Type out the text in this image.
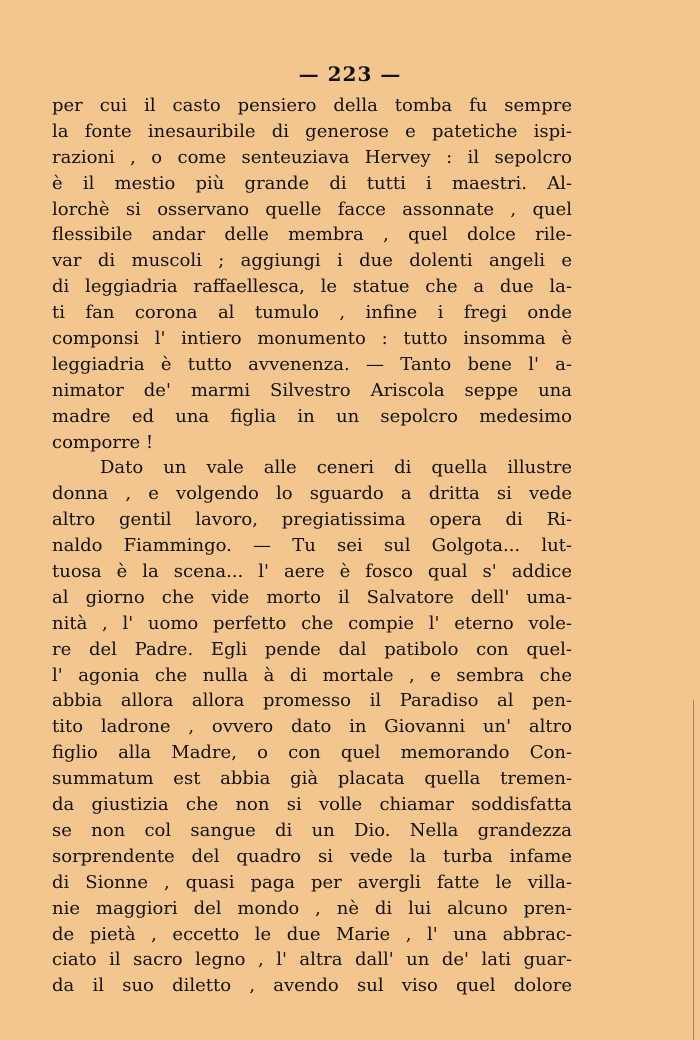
— 223 —
per cui il casto pensiero della tomba fu sempre
la fonte inesauribile di generose e patetiche ispi-
razioni , o come senteuziava Hervey : il sepolcro
è il mestio più grande di tutti i maestri. Al-
lorchè si osservano quelle facce assonnate , quel
flessibile andar delle membra , quel dolce rile-
var di muscoli ; aggiungi i due dolenti angeli e
di leggiadria raffaellesca, le statue che a due la-
ti fan corona al tumulo , infine i fregi onde
componsi l' intiero monumento : tutto insomma è
leggiadria è tutto avvenenza. — Tanto bene l' a-
nimator de' marmi Silvestro Ariscola seppe una
madre ed una figlia in un sepolcro medesimo
comporre !
Dato un vale alle ceneri di quella illustre
donna , e volgendo lo sguardo a dritta si vede
altro gentil lavoro, pregiatissima opera di Ri-
naldo Fiammingo. — Tu sei sul Golgota... lut-
tuosa è la scena... l' aere è fosco qual s' addice
al giorno che vide morto il Salvatore dell' uma-
nità , l' uomo perfetto che compie l' eterno vole-
re del Padre. Egli pende dal patibolo con quel-
l' agonia che nulla à di mortale , e sembra che
abbia allora allora promesso il Paradiso al pen-
tito ladrone , ovvero dato in Giovanni un' altro
figlio alla Madre, o con quel memorando Con-
summatum est abbia già placata quella tremen-
da giustizia che non si volle chiamar soddisfatta
se non col sangue di un Dio. Nella grandezza
sorprendente del quadro si vede la turba infame
di Sionne , quasi paga per avergli fatte le villa-
nie maggiori del mondo , nè di lui alcuno pren-
de pietà , eccetto le due Marie , l' una abbrac-
ciato il sacro legno , l' altra dall' un de' lati guar-
da il suo diletto , avendo sul viso quel dolore
